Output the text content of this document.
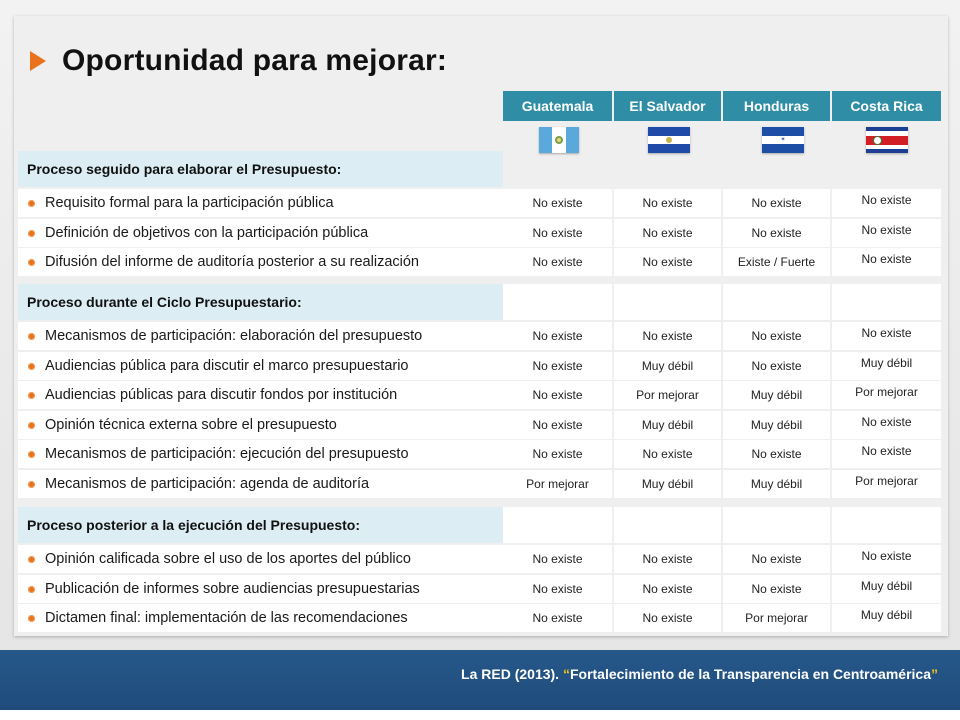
Oportunidad para mejorar:
Guatemala	El Salvador	Honduras	Costa Rica
✶
Proceso seguido para elaborar el Presupuesto:
Requisito formal para la participación pública	No existe	No existe	No existe	No existe
Definición de objetivos con la participación pública	No existe	No existe	No existe	No existe
Difusión del informe de auditoría posterior a su realización	No existe	No existe	Existe / Fuerte	No existe
Proceso durante el Ciclo Presupuestario:
Mecanismos de participación: elaboración del presupuesto	No existe	No existe	No existe	No existe
Audiencias pública para discutir el marco presupuestario	No existe	Muy débil	No existe	Muy débil
Audiencias públicas para discutir fondos por institución	No existe	Por mejorar	Muy débil	Por mejorar
Opinión técnica externa sobre el presupuesto	No existe	Muy débil	Muy débil	No existe
Mecanismos de participación: ejecución del presupuesto	No existe	No existe	No existe	No existe
Mecanismos de participación: agenda de auditoría	Por mejorar	Muy débil	Muy débil	Por mejorar
Proceso posterior a la ejecución del Presupuesto:
Opinión calificada sobre el uso de los aportes del público	No existe	No existe	No existe	No existe
Publicación de informes sobre audiencias presupuestarias	No existe	No existe	No existe	Muy débil
Dictamen final: implementación de las recomendaciones	No existe	No existe	Por mejorar	Muy débil
La RED (2013). “Fortalecimiento de la Transparencia en Centroamérica”
